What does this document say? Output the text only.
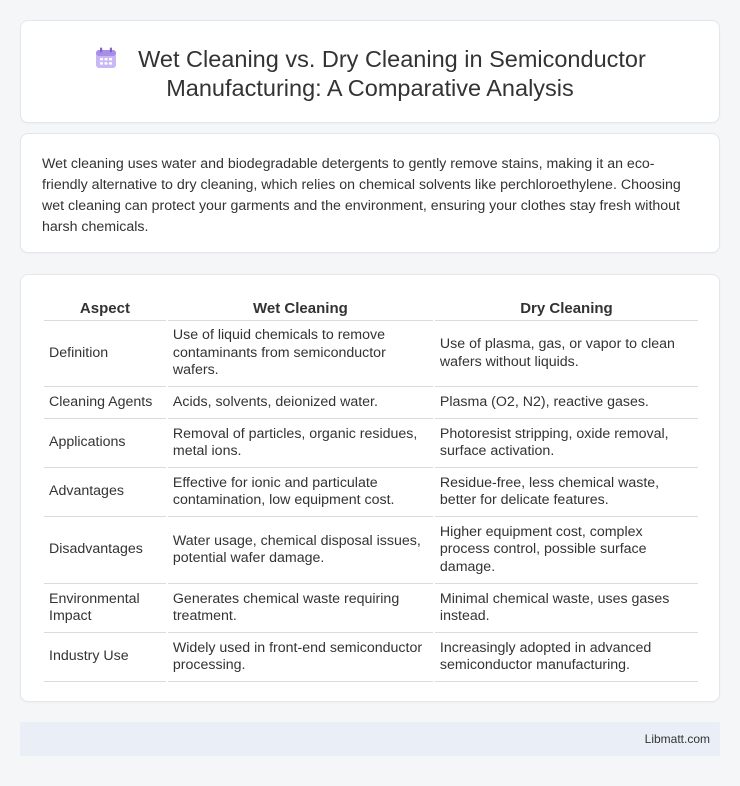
Wet Cleaning vs. Dry Cleaning in Semiconductor
Manufacturing: A Comparative Analysis

Wet cleaning uses water and biodegradable detergents to gently remove stains, making it an eco-friendly alternative to dry cleaning, which relies on chemical solvents like perchloroethylene. Choosing wet cleaning can protect your garments and the environment, ensuring your clothes stay fresh without harsh chemicals.

Aspect	Wet Cleaning	Dry Cleaning
Definition	Use of liquid chemicals to remove contaminants from semiconductor wafers.	Use of plasma, gas, or vapor to clean wafers without liquids.
Cleaning Agents	Acids, solvents, deionized water.	Plasma (O2, N2), reactive gases.
Applications	Removal of particles, organic residues, metal ions.	Photoresist stripping, oxide removal, surface activation.
Advantages	Effective for ionic and particulate contamination, low equipment cost.	Residue-free, less chemical waste, better for delicate features.
Disadvantages	Water usage, chemical disposal issues, potential wafer damage.	Higher equipment cost, complex process control, possible surface damage.
Environmental Impact	Generates chemical waste requiring treatment.	Minimal chemical waste, uses gases instead.
Industry Use	Widely used in front-end semiconductor processing.	Increasingly adopted in advanced semiconductor manufacturing.
Libmatt.com
